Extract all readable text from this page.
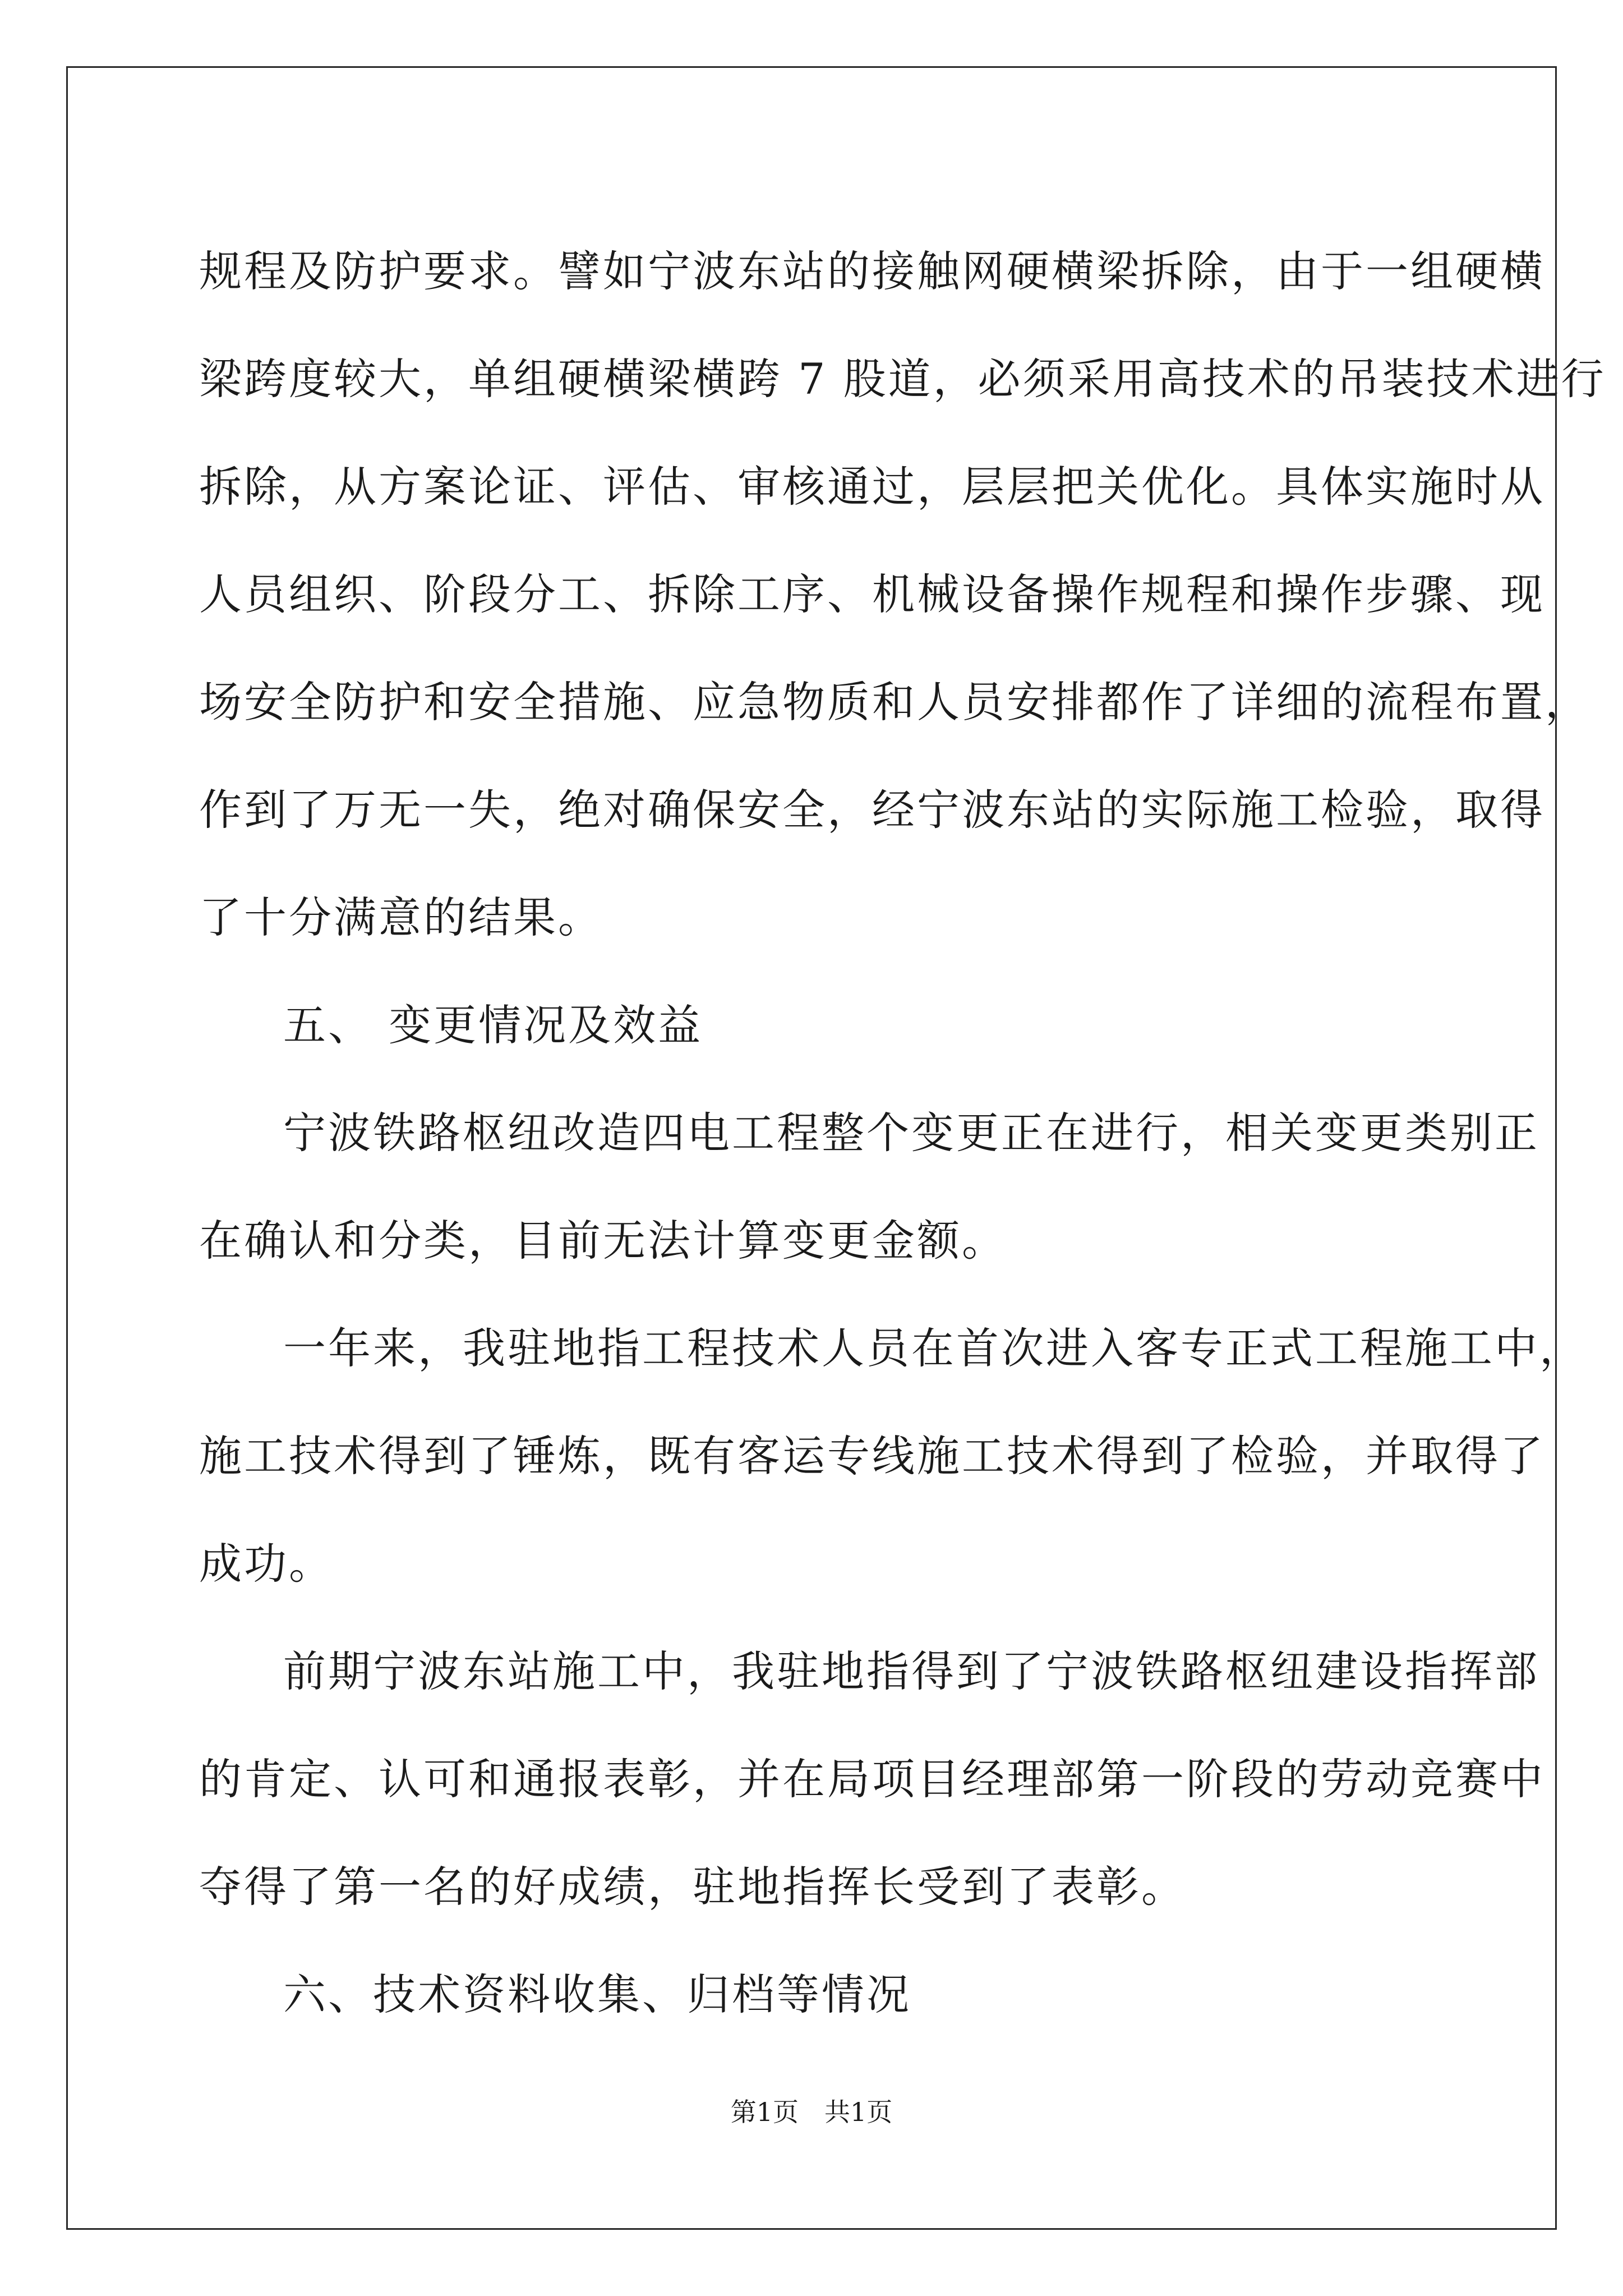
规程及防护要求。譬如宁波东站的接触网硬横梁拆除，由于一组硬横
梁跨度较大，单组硬横梁横跨 7 股道，必须采用高技术的吊装技术进行
拆除，从方案论证、评估、审核通过，层层把关优化。具体实施时从
人员组织、阶段分工、拆除工序、机械设备操作规程和操作步骤、现
场安全防护和安全措施、应急物质和人员安排都作了详细的流程布置，
作到了万无一失，绝对确保安全，经宁波东站的实际施工检验，取得
了十分满意的结果。
五、 变更情况及效益
宁波铁路枢纽改造四电工程整个变更正在进行，相关变更类别正
在确认和分类，目前无法计算变更金额。
一年来，我驻地指工程技术人员在首次进入客专正式工程施工中，
施工技术得到了锤炼，既有客运专线施工技术得到了检验，并取得了
成功。
前期宁波东站施工中，我驻地指得到了宁波铁路枢纽建设指挥部
的肯定、认可和通报表彰，并在局项目经理部第一阶段的劳动竞赛中
夺得了第一名的好成绩，驻地指挥长受到了表彰。
六、技术资料收集、归档等情况
第1页　共1页
